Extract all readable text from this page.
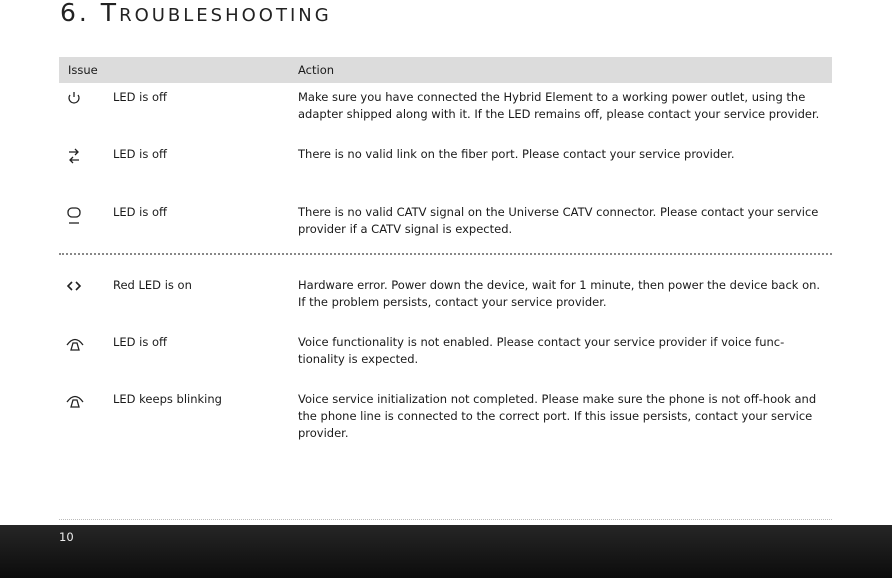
6. Troubleshooting
Issue	Action
LED is off	Make sure you have connected the Hybrid Element to a working power outlet, using the adapter shipped along with it. If the LED remains off, please contact your service provider.
LED is off	There is no valid link on the fiber port. Please contact your service provider.
LED is off	There is no valid CATV signal on the Universe CATV connector. Please contact your service provider if a CATV signal is expected.
Red LED is on	Hardware error. Power down the device, wait for 1 minute, then power the device back on. If the problem persists, contact your service provider.
LED is off	Voice functionality is not enabled. Please contact your service provider if voice func-tionality is expected.
LED keeps blinking	Voice service initialization not completed. Please make sure the phone is not off-hook and the phone line is connected to the correct port. If this issue persists, contact your service provider.
10
